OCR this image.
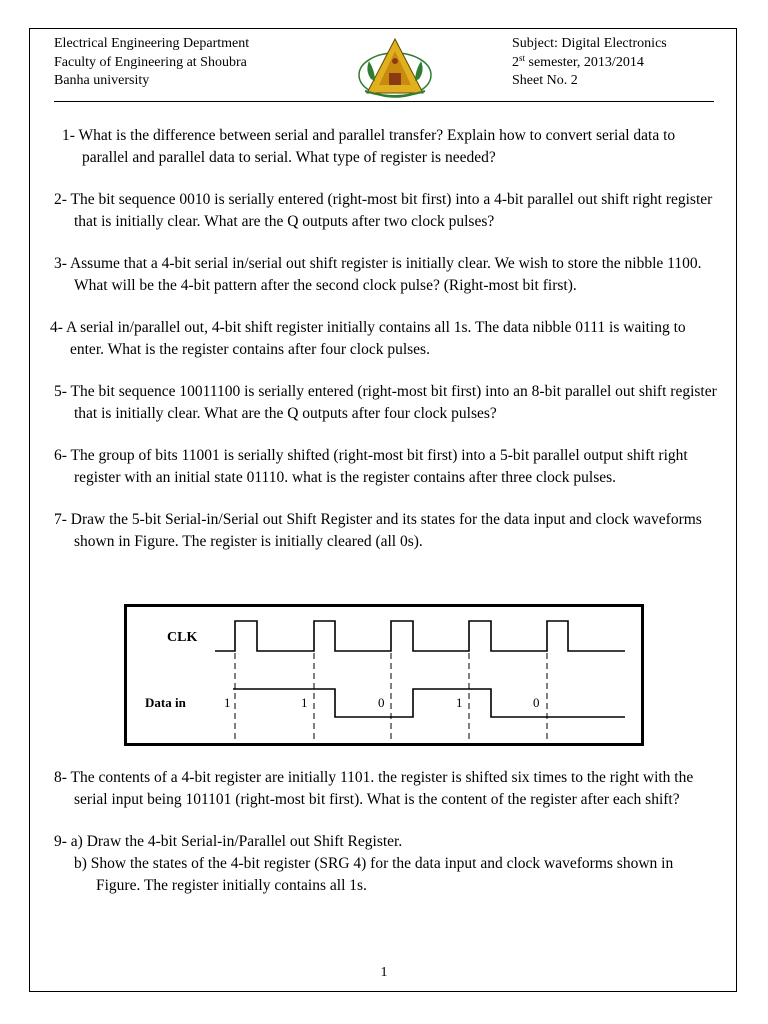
Electrical Engineering Department
Faculty of Engineering at Shoubra
Banha university
Subject: Digital Electronics
2st semester, 2013/2014
Sheet No. 2
1- What is the difference between serial and parallel transfer? Explain how to convert serial data to parallel and parallel data to serial. What type of register is needed?
2- The bit sequence 0010 is serially entered (right-most bit first) into a 4-bit parallel out shift right register that is initially clear. What are the Q outputs after two clock pulses?
3- Assume that a 4-bit serial in/serial out shift register is initially clear. We wish to store the nibble 1100. What will be the 4-bit pattern after the second clock pulse? (Right-most bit first).
4- A serial in/parallel out, 4-bit shift register initially contains all 1s. The data nibble 0111 is waiting to enter. What is the register contains after four clock pulses.
5- The bit sequence 10011100 is serially entered (right-most bit first) into an 8-bit parallel out shift register that is initially clear. What are the Q outputs after four clock pulses?
6- The group of bits 11001 is serially shifted (right-most bit first) into a 5-bit parallel output shift right register with an initial state 01110. what is the register contains after three clock pulses.
7- Draw the 5-bit Serial-in/Serial out Shift Register and its states for the data input and clock waveforms shown in Figure. The register is initially cleared (all 0s).
CLK
Data in	1	1	0	1	0
8- The contents of a 4-bit register are initially 1101. the register is shifted six times to the right with the serial input being 101101 (right-most bit first). What is the content of the register after each shift?
9- a) Draw the 4-bit Serial-in/Parallel out Shift Register.
b) Show the states of the 4-bit register (SRG 4) for the data input and clock waveforms shown in Figure. The register initially contains all 1s.
1
